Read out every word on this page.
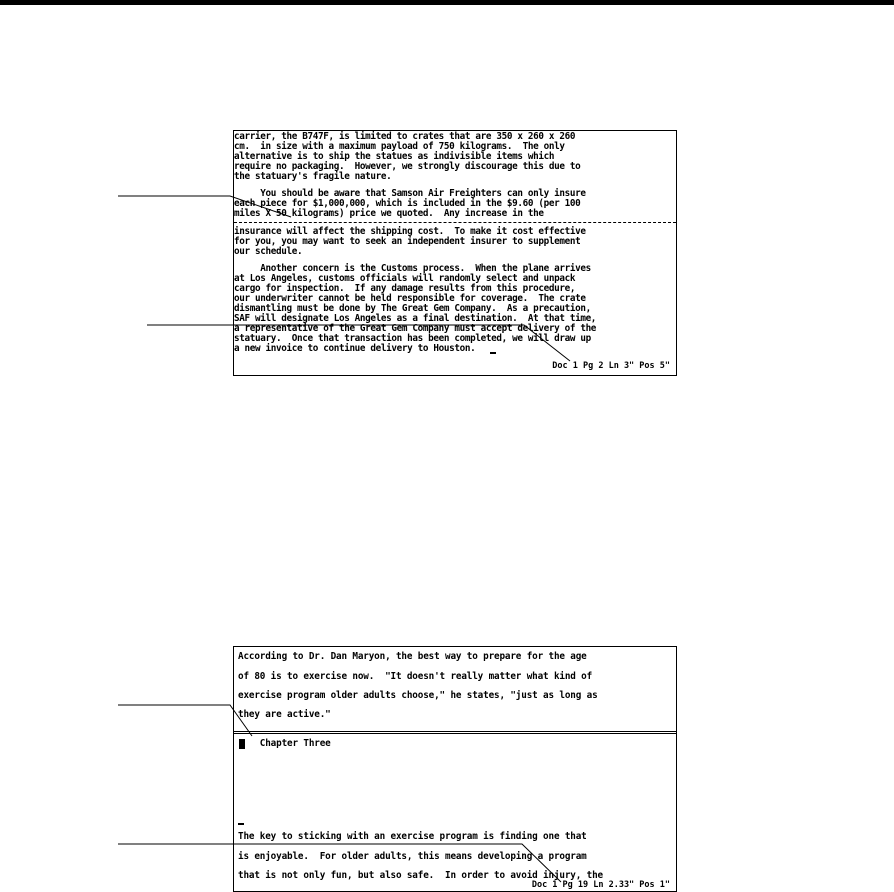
carrier, the B747F, is limited to crates that are 350 x 260 x 260
cm.  in size with a maximum payload of 750 kilograms.  The only
alternative is to ship the statues as indivisible items which
require no packaging.  However, we strongly discourage this due to
the statuary's fragile nature.
You should be aware that Samson Air Freighters can only insure
each piece for $1,000,000, which is included in the $9.60 (per 100
miles X 50 kilograms) price we quoted.  Any increase in the
insurance will affect the shipping cost.  To make it cost effective
for you, you may want to seek an independent insurer to supplement
our schedule.
Another concern is the Customs process.  When the plane arrives
at Los Angeles, customs officials will randomly select and unpack
cargo for inspection.  If any damage results from this procedure,
our underwriter cannot be held responsible for coverage.  The crate
dismantling must be done by The Great Gem Company.  As a precaution,
SAF will designate Los Angeles as a final destination.  At that time,
a representative of the Great Gem Company must accept delivery of the
statuary.  Once that transaction has been completed, we will draw up
a new invoice to continue delivery to Houston.
Doc 1 Pg 2 Ln 3" Pos 5"
According to Dr. Dan Maryon, the best way to prepare for the age
of 80 is to exercise now.  "It doesn't really matter what kind of
exercise program older adults choose," he states, "just as long as
they are active."
Chapter Three
The key to sticking with an exercise program is finding one that
is enjoyable.  For older adults, this means developing a program
that is not only fun, but also safe.  In order to avoid injury, the
Doc 1 Pg 19 Ln 2.33" Pos 1"
